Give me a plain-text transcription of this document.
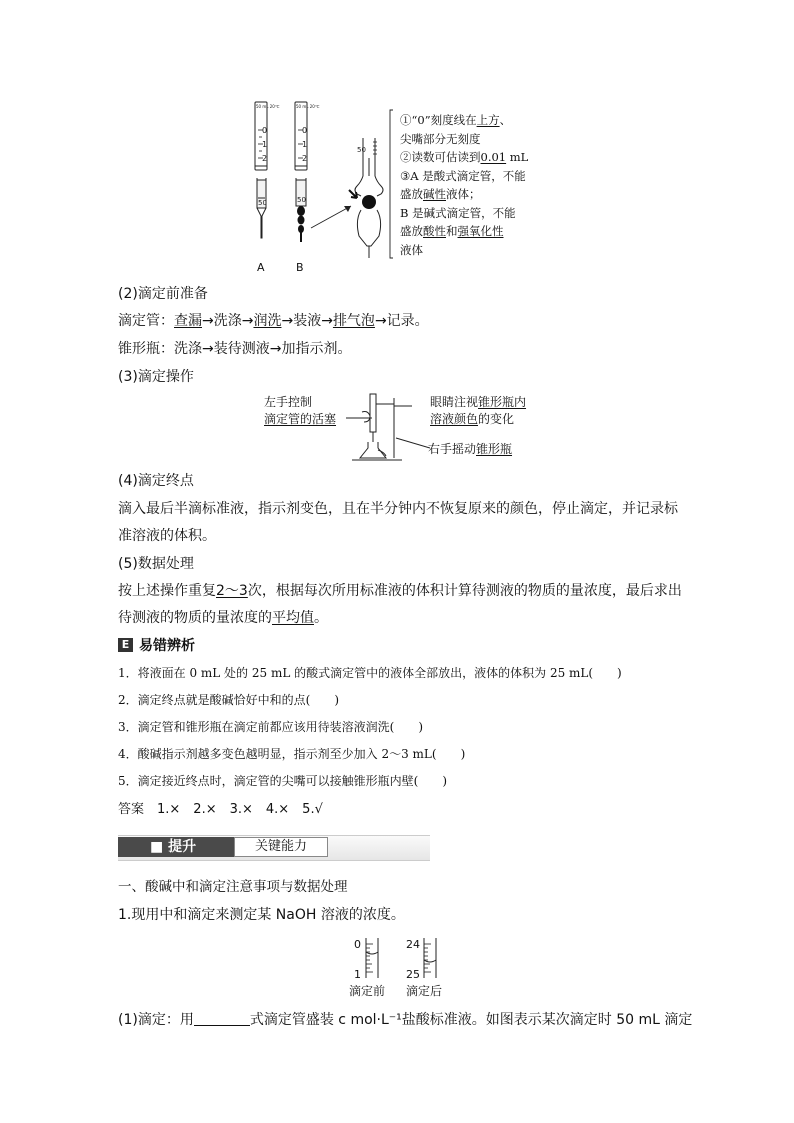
50 mL 20℃
0
1
2
50
50 mL 20℃
0
1
2
50
A	B
50
①“0”刻度线在上方、
尖嘴部分无刻度
②读数可估读到0.01 mL
③A 是酸式滴定管，不能
盛放碱性液体；
B 是碱式滴定管，不能
盛放酸性和强氧化性
液体
(2)滴定前准备
滴定管：查漏→洗涤→润洗→装液→排气泡→记录。
锥形瓶：洗涤→装待测液→加指示剂。
(3)滴定操作
左手控制
滴定管的活塞
眼睛注视锥形瓶内
溶液颜色的变化
右手摇动锥形瓶
(4)滴定终点
滴入最后半滴标准液，指示剂变色，且在半分钟内不恢复原来的颜色，停止滴定，并记录标
准溶液的体积。
(5)数据处理
按上述操作重复2～3次，根据每次所用标准液的体积计算待测液的物质的量浓度，最后求出
待测液的物质的量浓度的平均值。
E 易错辨析
1．将液面在 0 mL 处的 25 mL 的酸式滴定管中的液体全部放出，液体的体积为 25 mL(　　)
2．滴定终点就是酸碱恰好中和的点(　　)
3．滴定管和锥形瓶在滴定前都应该用待装溶液润洗(　　)
4．酸碱指示剂越多变色越明显，指示剂至少加入 2～3 mL(　　)
5．滴定接近终点时，滴定管的尖嘴可以接触锥形瓶内壁(　　)
答案　1.×　2.×　3.×　4.×　5.√
■ 提升	关键能力
一、酸碱中和滴定注意事项与数据处理
1.现用中和滴定来测定某 NaOH 溶液的浓度。
0
1
24
25
滴定前 滴定后
(1)滴定：用	式滴定管盛装 c mol·L⁻¹盐酸标准液。如图表示某次滴定时 50 mL 滴定
